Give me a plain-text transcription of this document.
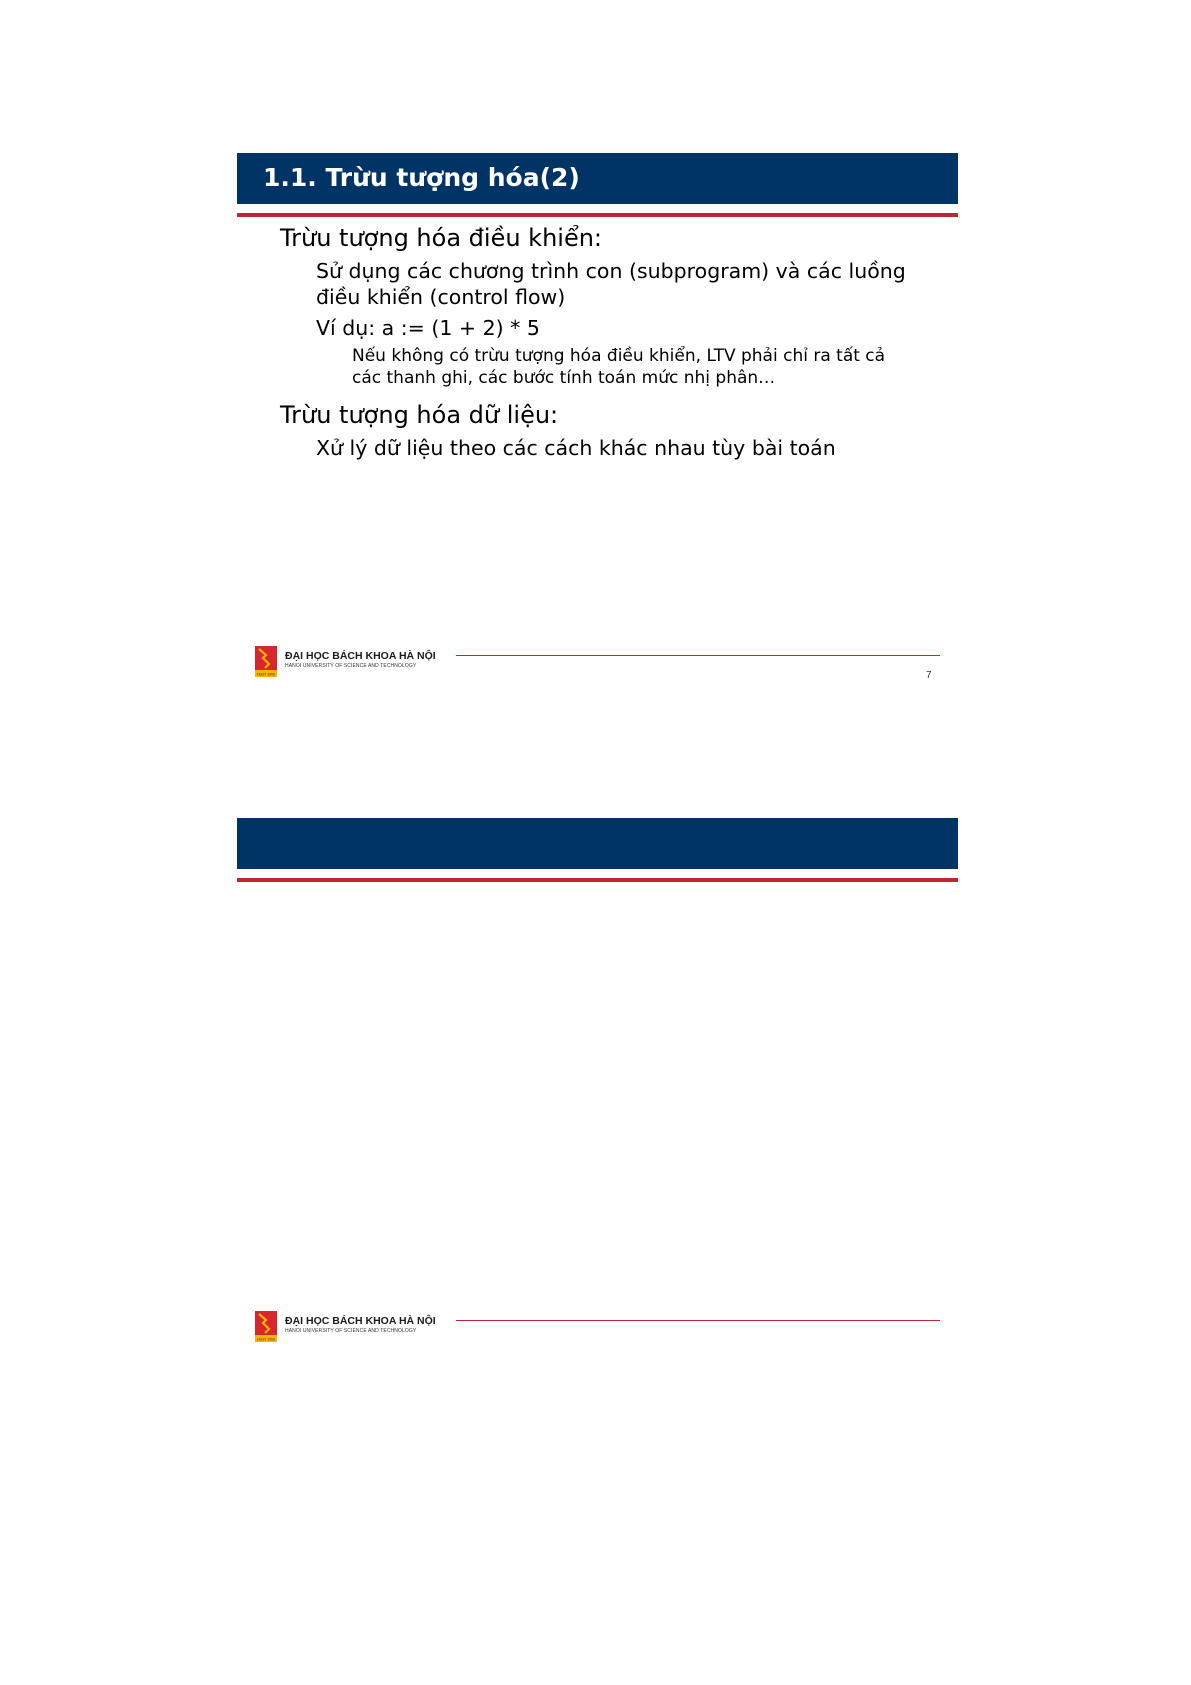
1.1. Trừu tượng hóa(2)
Trừu tượng hóa điều khiển:
Sử dụng các chương trình con (subprogram) và các luồng
điều khiển (control flow)
Ví dụ: a := (1 + 2) * 5
Nếu không có trừu tượng hóa điều khiển, LTV phải chỉ ra tất cả
các thanh ghi, các bước tính toán mức nhị phân…
Trừu tượng hóa dữ liệu:
Xử lý dữ liệu theo các cách khác nhau tùy bài toán
HUST 1956
ĐẠI HỌC BÁCH KHOA HÀ NỘI
HANOI UNIVERSITY OF SCIENCE AND TECHNOLOGY
7
HUST 1956
ĐẠI HỌC BÁCH KHOA HÀ NỘI
HANOI UNIVERSITY OF SCIENCE AND TECHNOLOGY
